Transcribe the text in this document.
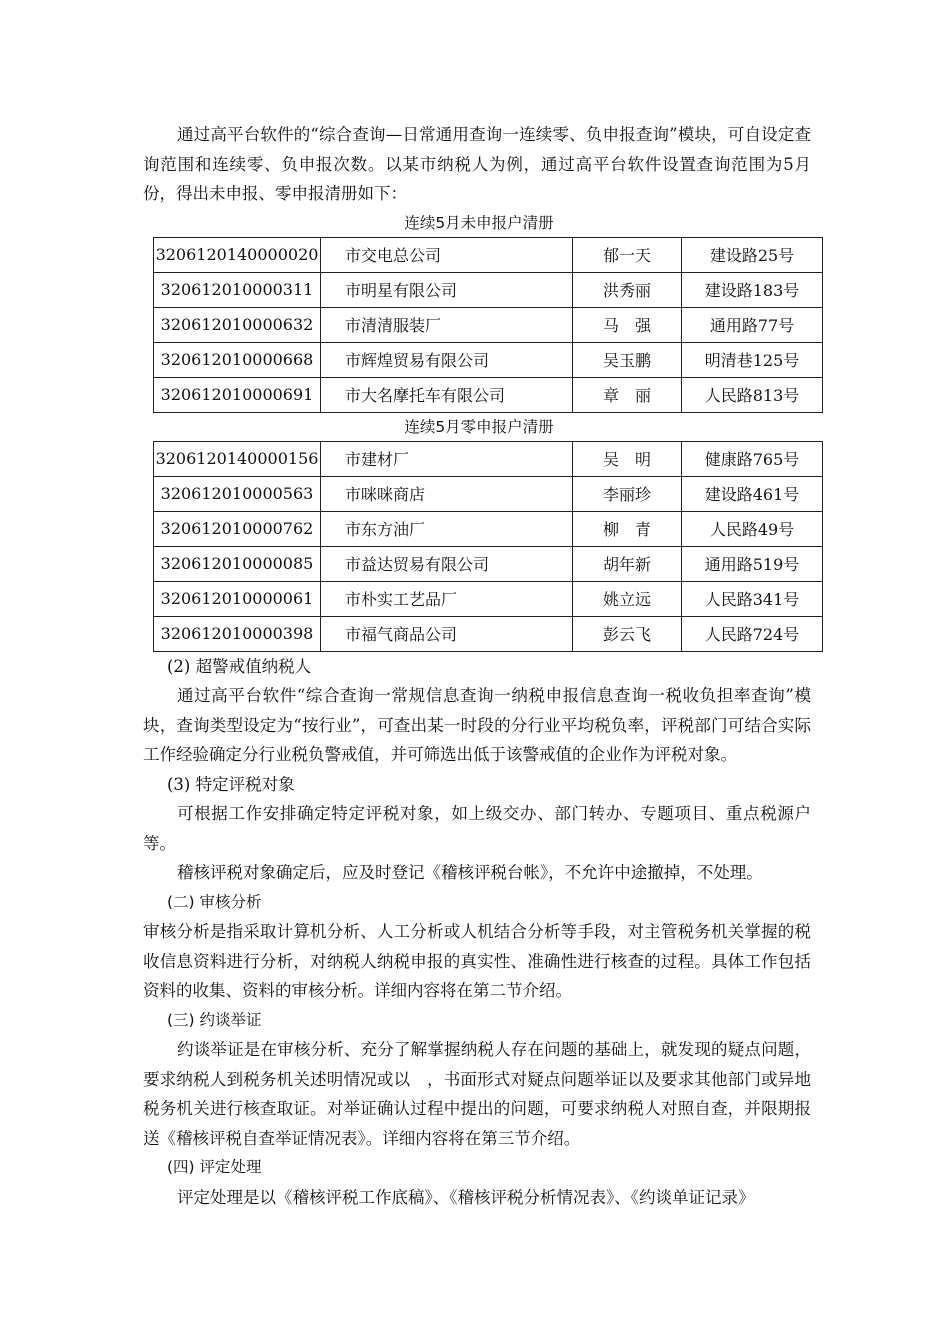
通过高平台软件的“综合查询—日常通用查询一连续零、负申报查询”模块，可自设定查询范围和连续零、负申报次数。以某市纳税人为例，通过高平台软件设置查询范围为5月份，得出未申报、零申报清册如下：

连续5月未申报户清册
3206120140000020	市交电总公司	郁一天	建设路25号
320612010000311	市明星有限公司	洪秀丽	建设路183号
320612010000632	市清清服装厂	马　强	通用路77号
320612010000668	市辉煌贸易有限公司	吴玉鹏	明清巷125号
320612010000691	市大名摩托车有限公司	章　丽	人民路813号
连续5月零申报户清册
3206120140000156	市建材厂	吴　明	健康路765号
320612010000563	市咪咪商店	李丽珍	建设路461号
320612010000762	市东方油厂	柳　青	人民路49号
320612010000085	市益达贸易有限公司	胡年新	通用路519号
320612010000061	市朴实工艺品厂	姚立远	人民路341号
320612010000398	市福气商品公司	彭云飞	人民路724号
(2) 超警戒值纳税人

通过高平台软件“综合查询一常规信息查询一纳税申报信息查询一税收负担率查询”模块，查询类型设定为“按行业”，可查出某一时段的分行业平均税负率，评税部门可结合实际工作经验确定分行业税负警戒值，并可筛选出低于该警戒值的企业作为评税对象。

(3) 特定评税对象

可根据工作安排确定特定评税对象，如上级交办、部门转办、专题项目、重点税源户等。

稽核评税对象确定后，应及时登记《稽核评税台帐》，不允许中途撤掉，不处理。

(二) 审核分析

审核分析是指采取计算机分析、人工分析或人机结合分析等手段，对主管税务机关掌握的税收信息资料进行分析，对纳税人纳税申报的真实性、准确性进行核查的过程。具体工作包括资料的收集、资料的审核分析。详细内容将在第二节介绍。

(三) 约谈举证

约谈举证是在审核分析、充分了解掌握纳税人存在问题的基础上，就发现的疑点问题，要求纳税人到税务机关述明情况或以　，书面形式对疑点问题举证以及要求其他部门或异地税务机关进行核查取证。对举证确认过程中提出的问题，可要求纳税人对照自查，并限期报送《稽核评税自查举证情况表》。详细内容将在第三节介绍。

(四) 评定处理

评定处理是以《稽核评税工作底稿》、《稽核评税分析情况表》、《约谈单证记录》
